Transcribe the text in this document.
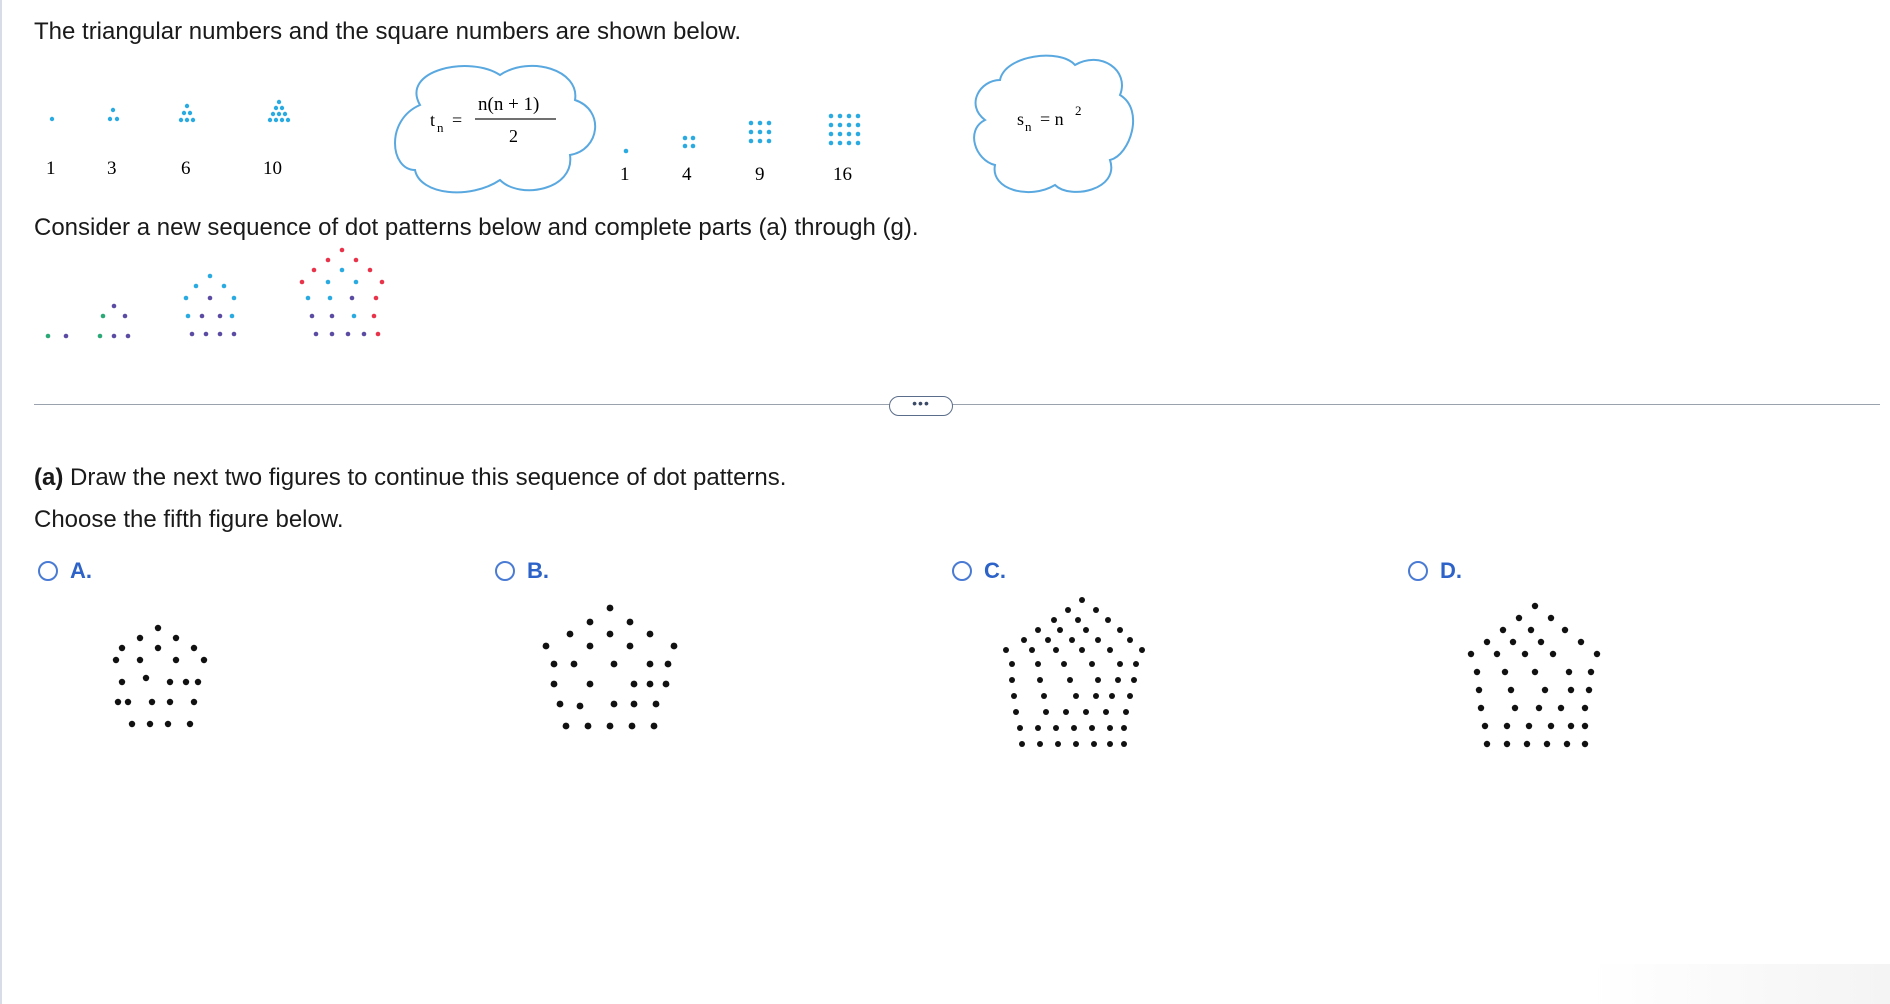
The triangular numbers and the square numbers are shown below.
t n =
n(n + 1)
2
1	3	6	10	1	4	9	16
s n = n 2
Consider a new sequence of dot patterns below and complete parts (a) through (g).
•••
(a) Draw the next two figures to continue this sequence of dot patterns.
Choose the fifth figure below.
A.	B.	C.	D.
